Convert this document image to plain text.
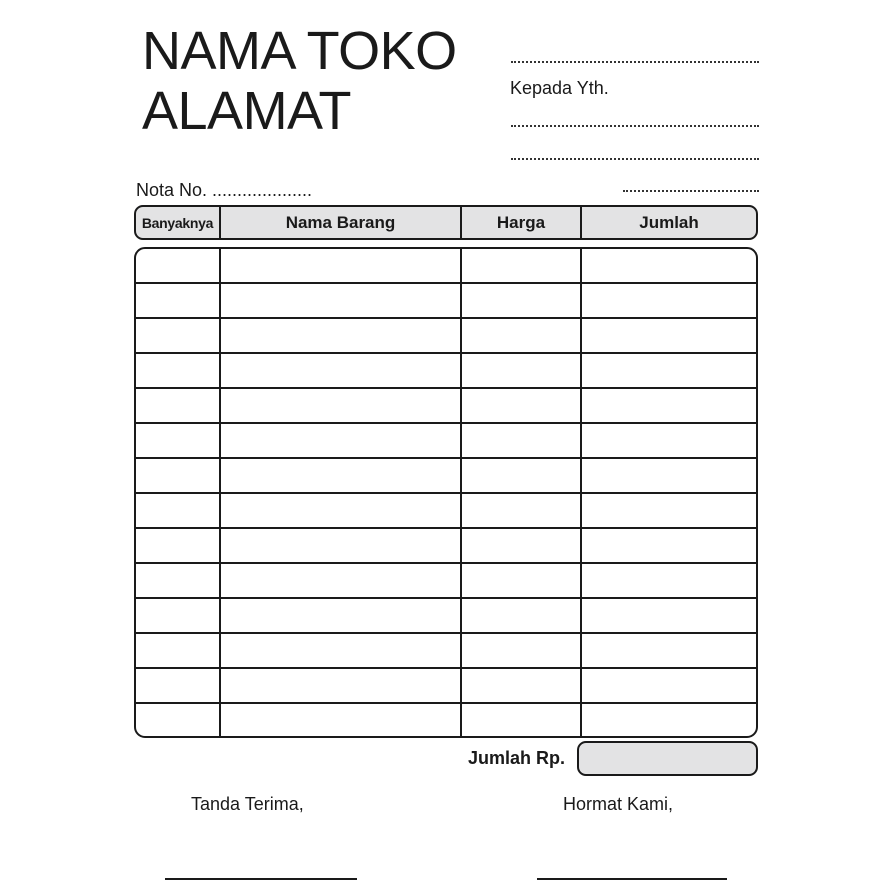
NAMA TOKO
ALAMAT	Kepada Yth.
Nota No. ....................
Banyaknya	Nama Barang	Harga	Jumlah
Jumlah Rp.
Tanda Terima,	Hormat Kami,
